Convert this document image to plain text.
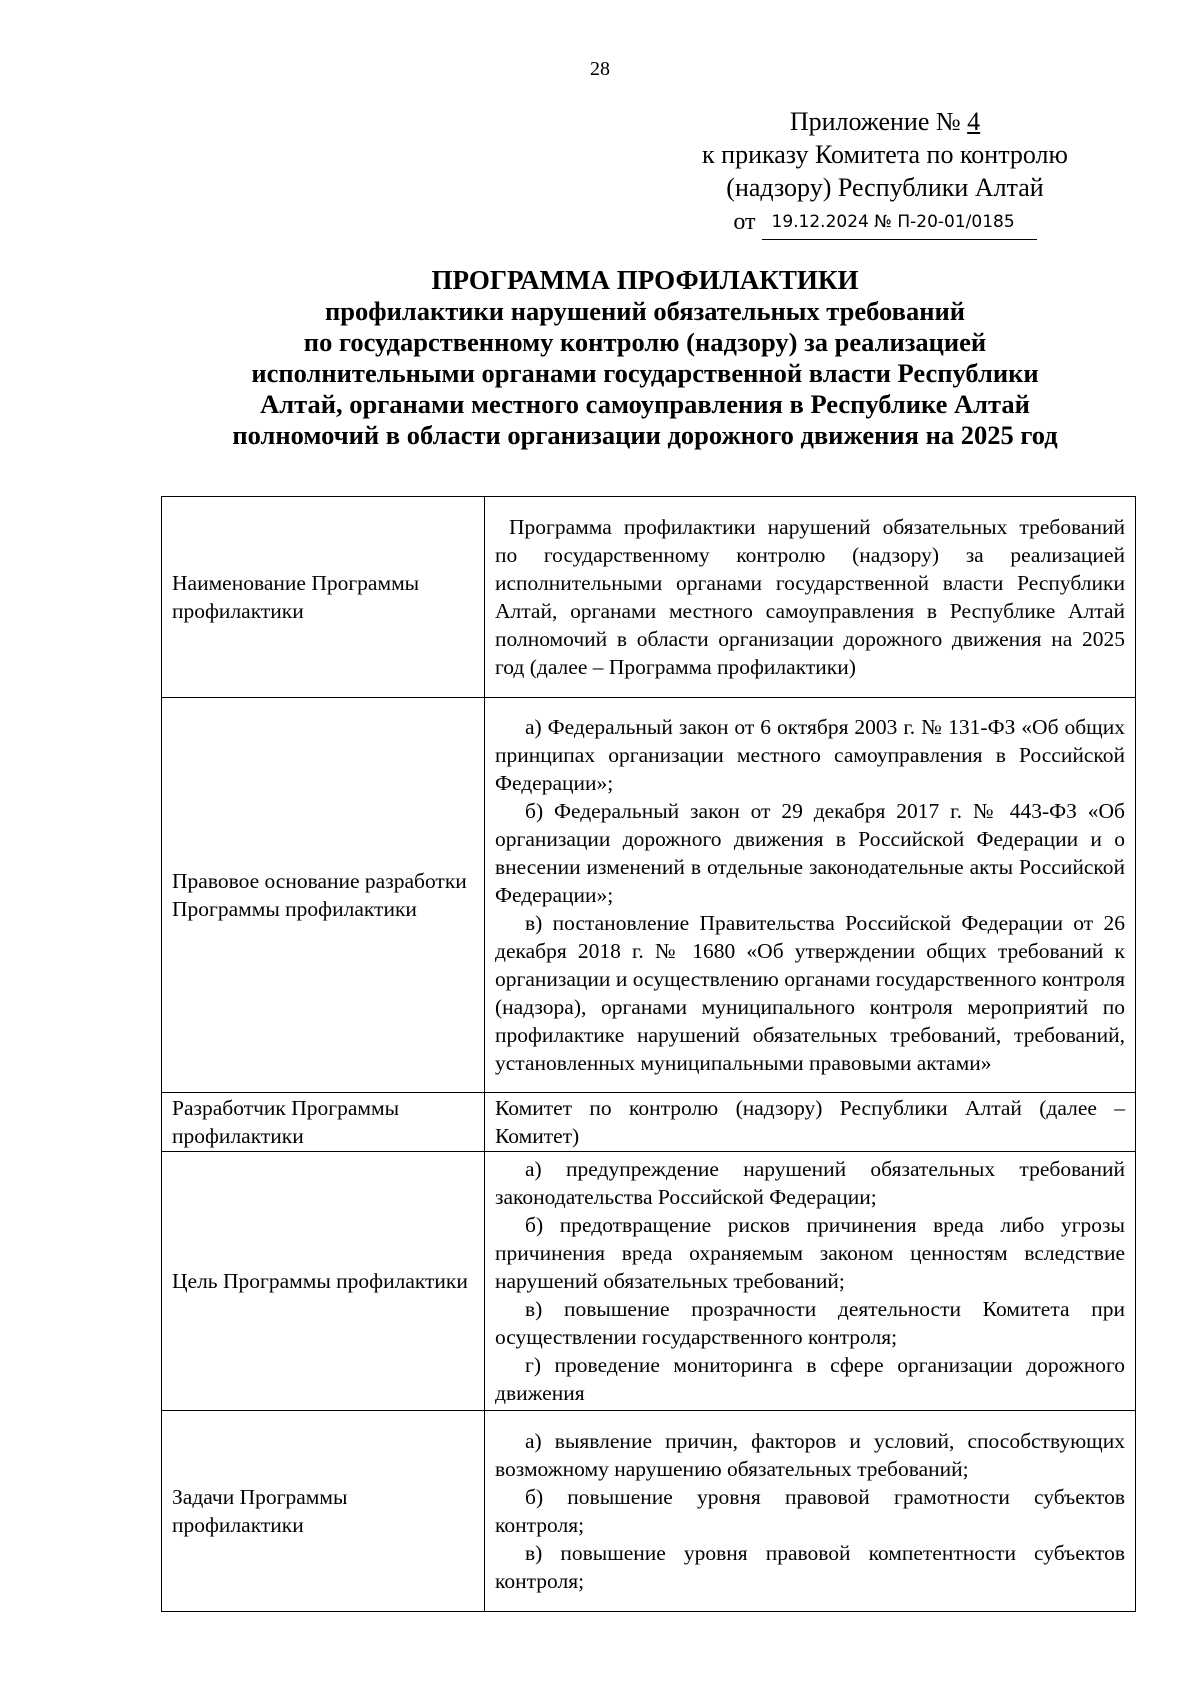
28
Приложение № 4
к приказу Комитета по контролю
(надзору) Республики Алтай
от 19.12.2024 № П-20-01/0185
ПРОГРАММА ПРОФИЛАКТИКИ
профилактики нарушений обязательных требований
по государственному контролю (надзору) за реализацией
исполнительными органами государственной власти Республики
Алтай, органами местного самоуправления в Республике Алтай
полномочий в области организации дорожного движения на 2025 год
Наименование Программы профилактики	Программа профилактики нарушений обязательных требований по государственному контролю (надзору) за реализацией исполнительными органами государственной власти Республики Алтай, органами местного самоуправления в Республике Алтай полномочий в области организации дорожного движения на 2025 год (далее – Программа профилактики)

Правовое основание разработки Программы профилактики	а) Федеральный закон от 6 октября 2003 г. № 131-ФЗ «Об общих принципах организации местного самоуправления в Российской Федерации»;

б) Федеральный закон от 29 декабря 2017 г. № 443-ФЗ «Об организации дорожного движения в Российской Федерации и о внесении изменений в отдельные законодательные акты Российской Федерации»;

в) постановление Правительства Российской Федерации от 26 декабря 2018 г. № 1680 «Об утверждении общих требований к организации и осуществлению органами государственного контроля (надзора), органами муниципального контроля мероприятий по профилактике нарушений обязательных требований, требований, установленных муниципальными правовыми актами»

Разработчик Программы профилактики	Комитет по контролю (надзору) Республики Алтай (далее – Комитет)

Цель Программы профилактики	а) предупреждение нарушений обязательных требований законодательства Российской Федерации;

б) предотвращение рисков причинения вреда либо угрозы причинения вреда охраняемым законом ценностям вследствие нарушений обязательных требований;

в) повышение прозрачности деятельности Комитета при осуществлении государственного контроля;

г) проведение мониторинга в сфере организации дорожного движения

Задачи Программы профилактики	а) выявление причин, факторов и условий, способствующих возможному нарушению обязательных требований;

б) повышение уровня правовой грамотности субъектов контроля;

в) повышение уровня правовой компетентности субъектов контроля;
